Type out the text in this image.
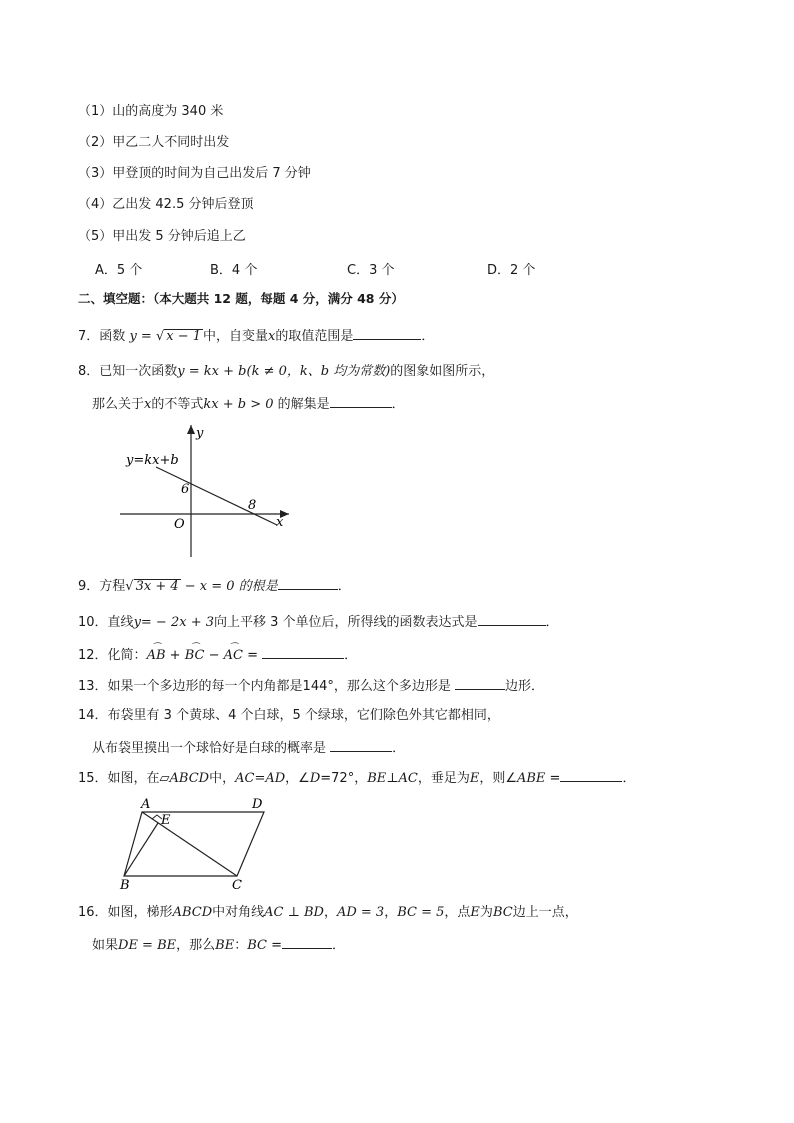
（1）山的高度为 340 米
（2）甲乙二人不同时出发
（3）甲登顶的时间为自己出发后 7 分钟
（4）乙出发 42.5 分钟后登顶
（5）甲出发 5 分钟后追上乙
A．5 个	B．4 个	C．3 个	D．2 个
二、填空题：（本大题共 12 题，每题 4 分，满分 48 分）
7．函数 y = √ x − 1 中，自变量x的取值范围是	．
8．已知一次函数y = kx + b(k ≠ 0，k、b 均为常数)的图象如图所示，
那么关于x的不等式kx + b > 0 的解集是	．
y
x
O
6
8
y=kx+b
9．方程√ 3x + 4 − x = 0 的根是	．
10．直线y= − 2x + 3向上平移 3 个单位后，所得线的函数表达式是	．
12．化简：⌒ AB + ⌒ BC − ⌒ AC =	．
13．如果一个多边形的每一个内角都是144°，那么这个多边形是	边形．
14．布袋里有 3 个黄球、4 个白球，5 个绿球，它们除色外其它都相同，
从布袋里摸出一个球恰好是白球的概率是	．
15．如图，在▱ABCD中，AC=AD，∠D=72°，BE⊥AC，垂足为E，则∠ABE =	．
A	D
B	C
E
16．如图，梯形ABCD中对角线AC ⊥ BD，AD = 3，BC = 5，点E为BC边上一点，
如果DE = BE，那么BE：BC =	．
